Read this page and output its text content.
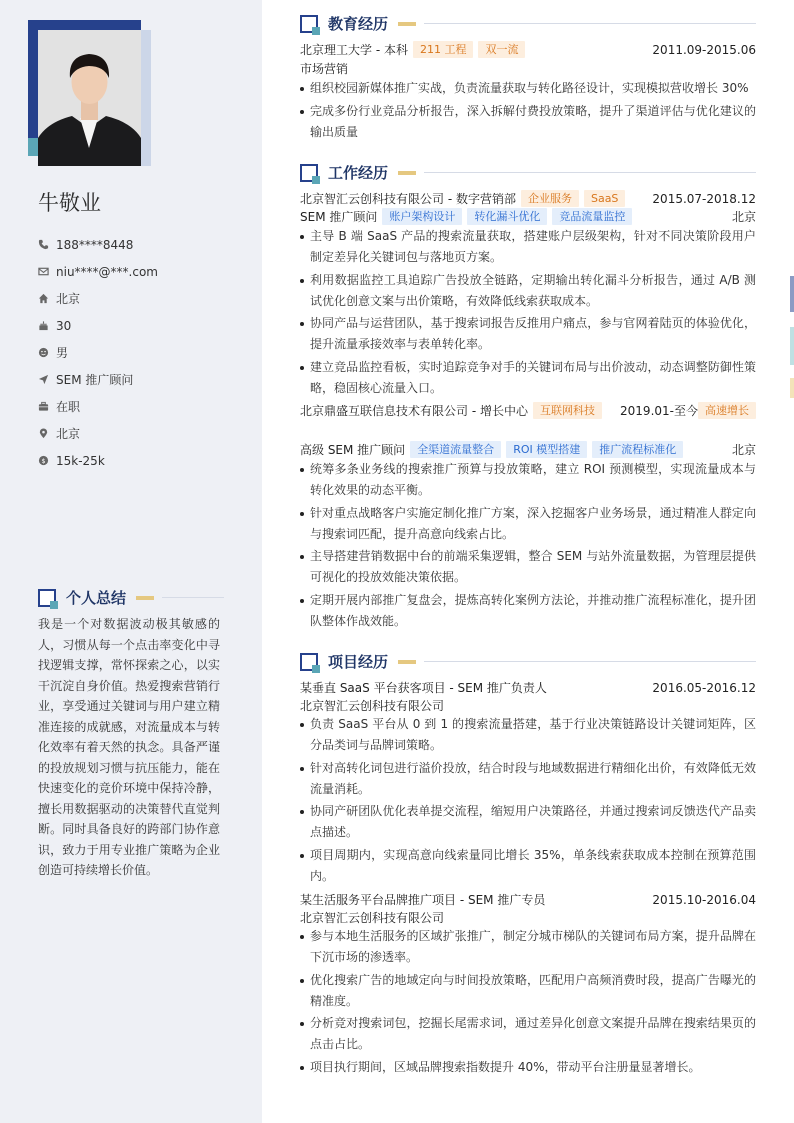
牛敬业
188****8448
niu****@***.com
北京
30
男
SEM 推广顾问
在职
北京
$ 15k-25k
个人总结
我是一个对数据波动极其敏感的人，习惯从每一个点击率变化中寻找逻辑支撑，常怀探索之心，以实干沉淀自身价值。热爱搜索营销行业，享受通过关键词与用户建立精准连接的成就感，对流量成本与转化效率有着天然的执念。具备严谨的投放规划习惯与抗压能力，能在快速变化的竞价环境中保持冷静，擅长用数据驱动的决策替代直觉判断。同时具备良好的跨部门协作意识，致力于用专业推广策略为企业创造可持续增长价值。
教育经历
北京理工大学 - 本科	211 工程	双一流	2011.09-2015.06
市场营销
组织校园新媒体推广实战，负责流量获取与转化路径设计，实现模拟营收增长 30%
完成多份行业竞品分析报告，深入拆解付费投放策略，提升了渠道评估与优化建议的输出质量
工作经历
北京智汇云创科技有限公司 - 数字营销部	企业服务	SaaS	2015.07-2018.12
SEM 推广顾问	账户架构设计	转化漏斗优化	竞品流量监控	北京
主导 B 端 SaaS 产品的搜索流量获取，搭建账户层级架构，针对不同决策阶段用户制定差异化关键词包与落地页方案。
利用数据监控工具追踪广告投放全链路，定期输出转化漏斗分析报告，通过 A/B 测试优化创意文案与出价策略，有效降低线索获取成本。
协同产品与运营团队，基于搜索词报告反推用户痛点，参与官网着陆页的体验优化，提升流量承接效率与表单转化率。
建立竞品监控看板，实时追踪竞争对手的关键词布局与出价波动，动态调整防御性策略，稳固核心流量入口。
北京鼎盛互联信息技术有限公司 - 增长中心	互联网科技	2019.01-至今 高速增长
高级 SEM 推广顾问	全渠道流量整合	ROI 模型搭建	推广流程标准化	北京
统筹多条业务线的搜索推广预算与投放策略，建立 ROI 预测模型，实现流量成本与转化效果的动态平衡。
针对重点战略客户实施定制化推广方案，深入挖掘客户业务场景，通过精准人群定向与搜索词匹配，提升高意向线索占比。
主导搭建营销数据中台的前端采集逻辑，整合 SEM 与站外流量数据，为管理层提供可视化的投放效能决策依据。
定期开展内部推广复盘会，提炼高转化案例方法论，并推动推广流程标准化，提升团队整体作战效能。
项目经历
某垂直 SaaS 平台获客项目 - SEM 推广负责人	2016.05-2016.12
北京智汇云创科技有限公司
负责 SaaS 平台从 0 到 1 的搜索流量搭建，基于行业决策链路设计关键词矩阵，区分品类词与品牌词策略。
针对高转化词包进行溢价投放，结合时段与地域数据进行精细化出价，有效降低无效流量消耗。
协同产研团队优化表单提交流程，缩短用户决策路径，并通过搜索词反馈迭代产品卖点描述。
项目周期内，实现高意向线索量同比增长 35%，单条线索获取成本控制在预算范围内。
某生活服务平台品牌推广项目 - SEM 推广专员	2015.10-2016.04
北京智汇云创科技有限公司
参与本地生活服务的区域扩张推广，制定分城市梯队的关键词布局方案，提升品牌在下沉市场的渗透率。
优化搜索广告的地域定向与时间投放策略，匹配用户高频消费时段，提高广告曝光的精准度。
分析竞对搜索词包，挖掘长尾需求词，通过差异化创意文案提升品牌在搜索结果页的点击占比。
项目执行期间，区域品牌搜索指数提升 40%，带动平台注册量显著增长。
